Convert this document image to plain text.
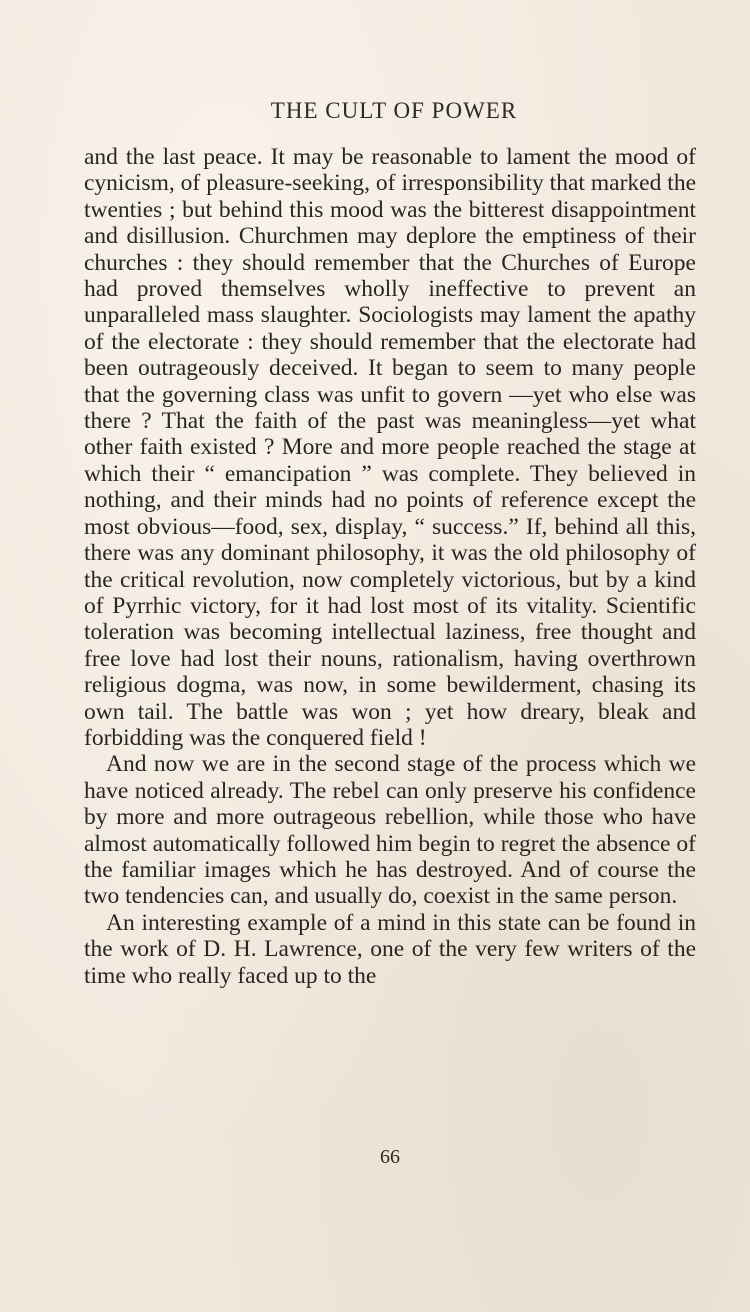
THE CULT OF POWER

and the last peace. It may be reasonable to lament the mood of cynicism, of pleasure-seeking, of irresponsibility that marked the twenties ; but behind this mood was the bitterest disappointment and disillusion. Churchmen may deplore the emptiness of their churches : they should remember that the Churches of Europe had proved themselves wholly ineffective to prevent an unparalleled mass slaughter. Sociologists may lament the apathy of the electorate : they should remember that the electorate had been outrageously deceived. It began to seem to many people that the governing class was unfit to govern —yet who else was there ? That the faith of the past was meaningless—yet what other faith existed ? More and more people reached the stage at which their “ emancipation ” was complete. They believed in nothing, and their minds had no points of reference except the most obvious—food, sex, display, “ success.” If, behind all this, there was any dominant philosophy, it was the old philosophy of the critical revolution, now completely victorious, but by a kind of Pyrrhic victory, for it had lost most of its vitality. Scientific toleration was becoming intellectual laziness, free thought and free love had lost their nouns, rationalism, having overthrown religious dogma, was now, in some bewilderment, chasing its own tail. The battle was won ; yet how dreary, bleak and forbidding was the conquered field !

And now we are in the second stage of the process which we have noticed already. The rebel can only preserve his confidence by more and more outrageous rebellion, while those who have almost automatically followed him begin to regret the absence of the familiar images which he has destroyed. And of course the two tendencies can, and usually do, coexist in the same person.

An interesting example of a mind in this state can be found in the work of D. H. Lawrence, one of the very few writers of the time who really faced up to the

66
